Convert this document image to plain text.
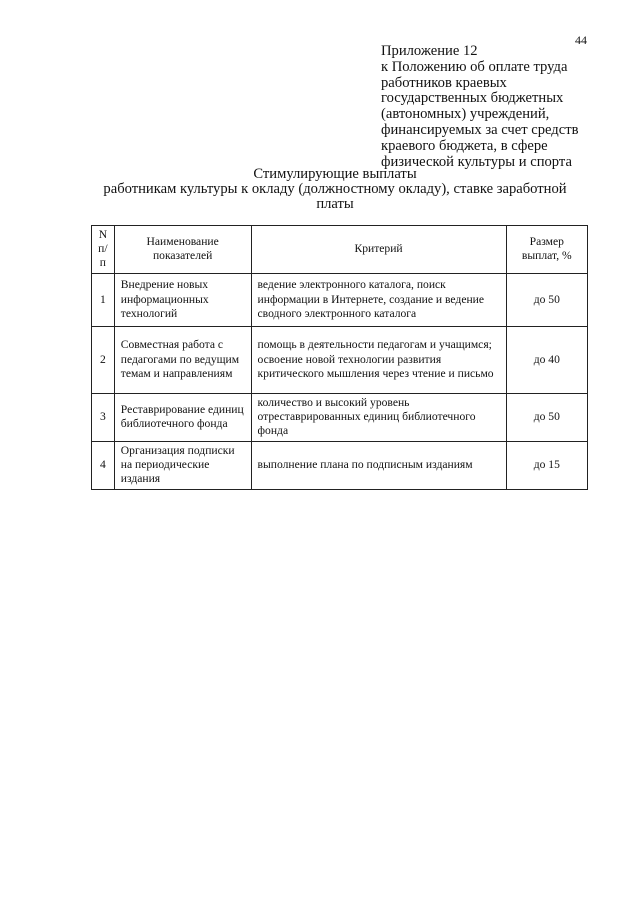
44
Приложение 12
к Положению об оплате труда
работников краевых
государственных бюджетных
(автономных) учреждений,
финансируемых за счет средств
краевого бюджета, в сфере
физической культуры и спорта
Стимулирующие выплаты
работникам культуры к окладу (должностному окладу), ставке заработной
платы
N п/п	Наименование показателей	Критерий	Размер выплат, %
1	Внедрение новых информационных технологий	ведение электронного каталога, поиск информации в Интернете, создание и ведение сводного электронного каталога	до 50
2	Совместная работа с педагогами по ведущим темам и направлениям	помощь в деятельности педагогам и учащимся; освоение новой технологии развития критического мышления через чтение и письмо	до 40
3	Реставрирование единиц библиотечного фонда	количество и высокий уровень отреставрированных единиц библиотечного фонда	до 50
4	Организация подписки на периодические издания	выполнение плана по подписным изданиям	до 15
